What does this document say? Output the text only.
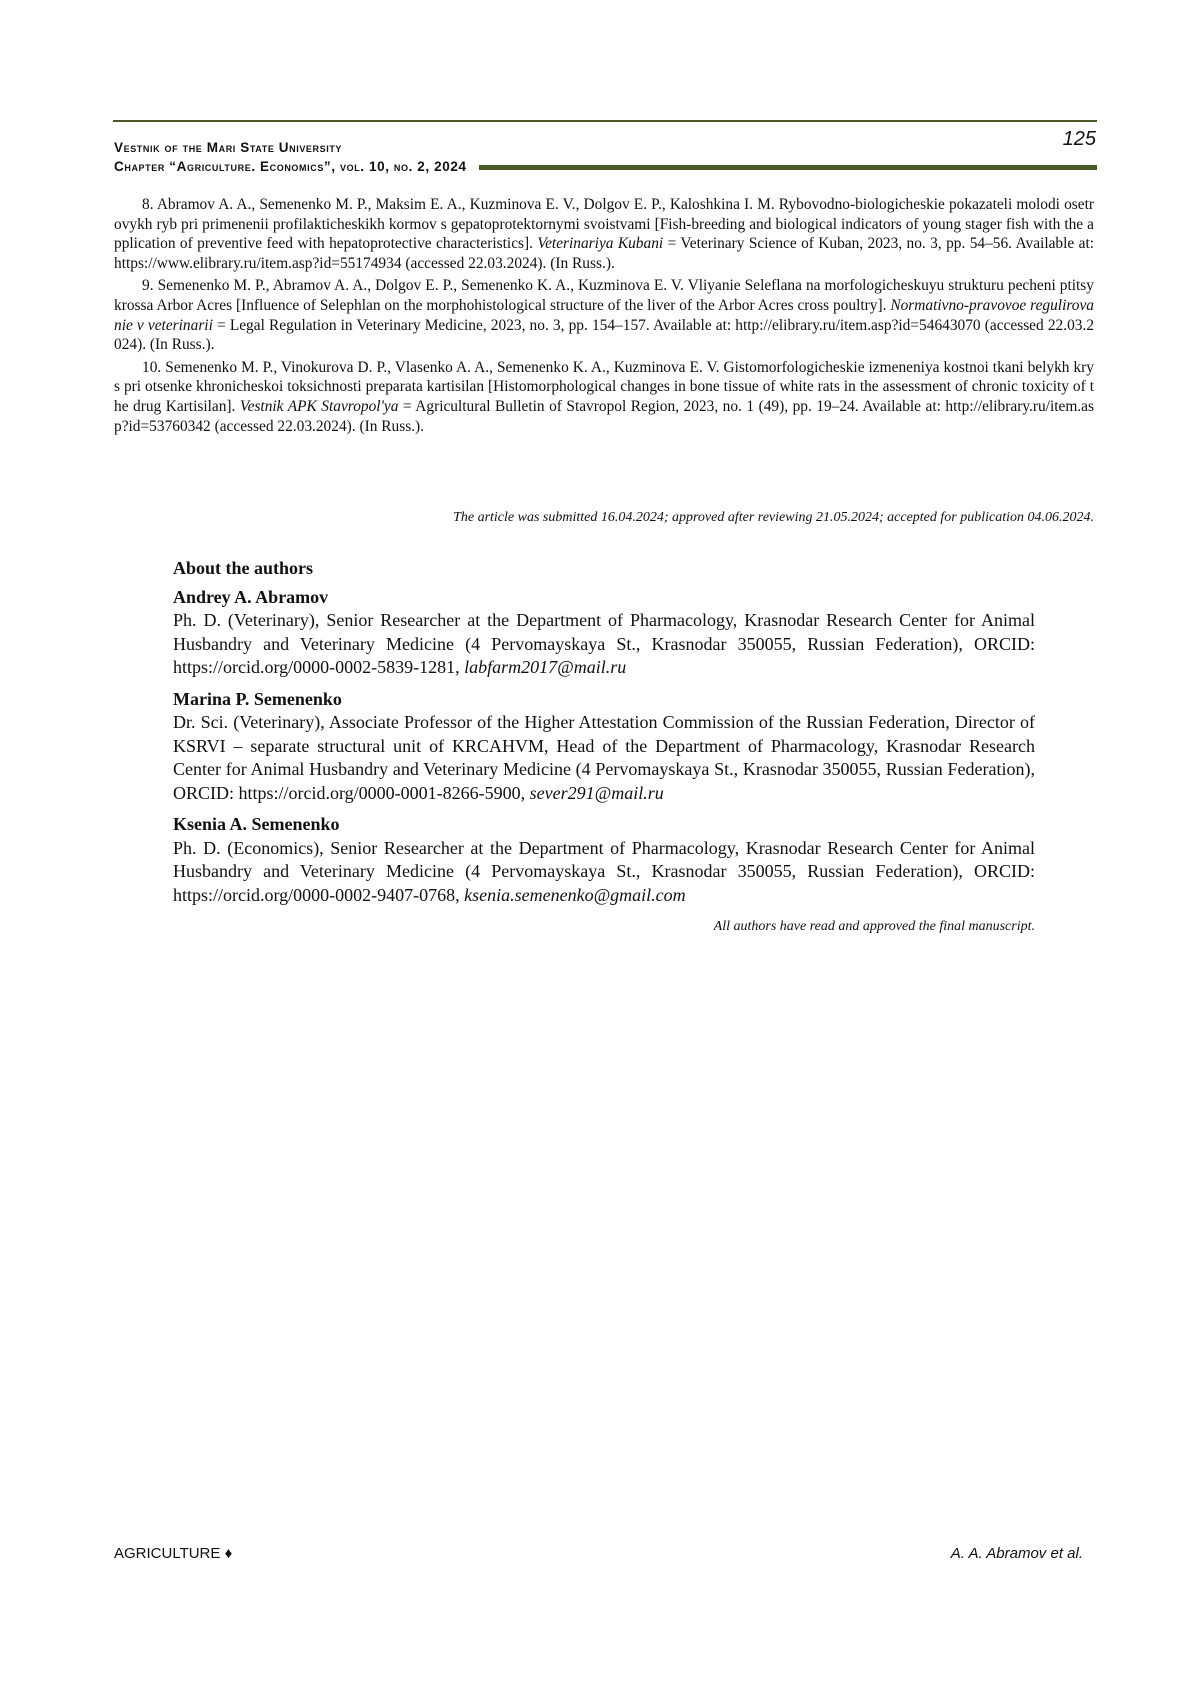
Vestnik of the Mari State University
Chapter “Agriculture. Economics”, vol. 10, no. 2, 2024
125

8. Abramov A. A., Semenenko M. P., Maksim E. A., Kuzminova E. V., Dolgov E. P., Kaloshkina I. M. Rybovodno-biologicheskie pokazateli molodi osetrovykh ryb pri primenenii profilakticheskikh kormov s gepatoprotektornymi svoistvami [Fish-breeding and biological indicators of young stager fish with the application of preventive feed with hepatoprotective characteristics]. Veterinariya Kubani = Veterinary Science of Kuban, 2023, no. 3, pp. 54–56. Available at: https://www.elibrary.ru/item.asp?id=55174934 (accessed 22.03.2024). (In Russ.).

9. Semenenko M. P., Abramov A. A., Dolgov E. P., Semenenko K. A., Kuzminova E. V. Vliyanie Seleflana na morfologicheskuyu strukturu pecheni ptitsy krossa Arbor Acres [Influence of Selephlan on the morphohistological structure of the liver of the Arbor Acres cross poultry]. Normativno-pravovoe regulirovanie v veterinarii = Legal Regulation in Veterinary Medicine, 2023, no. 3, pp. 154–157. Available at: http://elibrary.ru/item.asp?id=54643070 (accessed 22.03.2024). (In Russ.).

10. Semenenko M. P., Vinokurova D. P., Vlasenko A. A., Semenenko K. A., Kuzminova E. V. Gistomorfologicheskie izmeneniya kostnoi tkani belykh krys pri otsenke khronicheskoi toksichnosti preparata kartisilan [Histomorphological changes in bone tissue of white rats in the assessment of chronic toxicity of the drug Kartisilan]. Vestnik APK Stavropol'ya = Agricultural Bulletin of Stavropol Region, 2023, no. 1 (49), pp. 19–24. Available at: http://elibrary.ru/item.asp?id=53760342 (accessed 22.03.2024). (In Russ.).

The article was submitted 16.04.2024; approved after reviewing 21.05.2024; accepted for publication 04.06.2024.
About the authors
Andrey A. Abramov
Ph. D. (Veterinary), Senior Researcher at the Department of Pharmacology, Krasnodar Research Center for Animal Husbandry and Veterinary Medicine (4 Pervomayskaya St., Krasnodar 350055, Russian Federation), ORCID: https://orcid.org/0000-0002-5839-1281, labfarm2017@mail.ru
Marina P. Semenenko
Dr. Sci. (Veterinary), Associate Professor of the Higher Attestation Commission of the Russian Federation, Director of KSRVI – separate structural unit of KRCAHVM, Head of the Department of Pharmacology, Krasnodar Research Center for Animal Husbandry and Veterinary Medicine (4 Pervomayskaya St., Krasnodar 350055, Russian Federation), ORCID: https://orcid.org/0000-0001-8266-5900, sever291@mail.ru
Ksenia A. Semenenko
Ph. D. (Economics), Senior Researcher at the Department of Pharmacology, Krasnodar Research Center for Animal Husbandry and Veterinary Medicine (4 Pervomayskaya St., Krasnodar 350055, Russian Federation), ORCID: https://orcid.org/0000-0002-9407-0768, ksenia.semenenko@gmail.com
All authors have read and approved the final manuscript.
AGRICULTURE ♦	A. A. Abramov et al.
